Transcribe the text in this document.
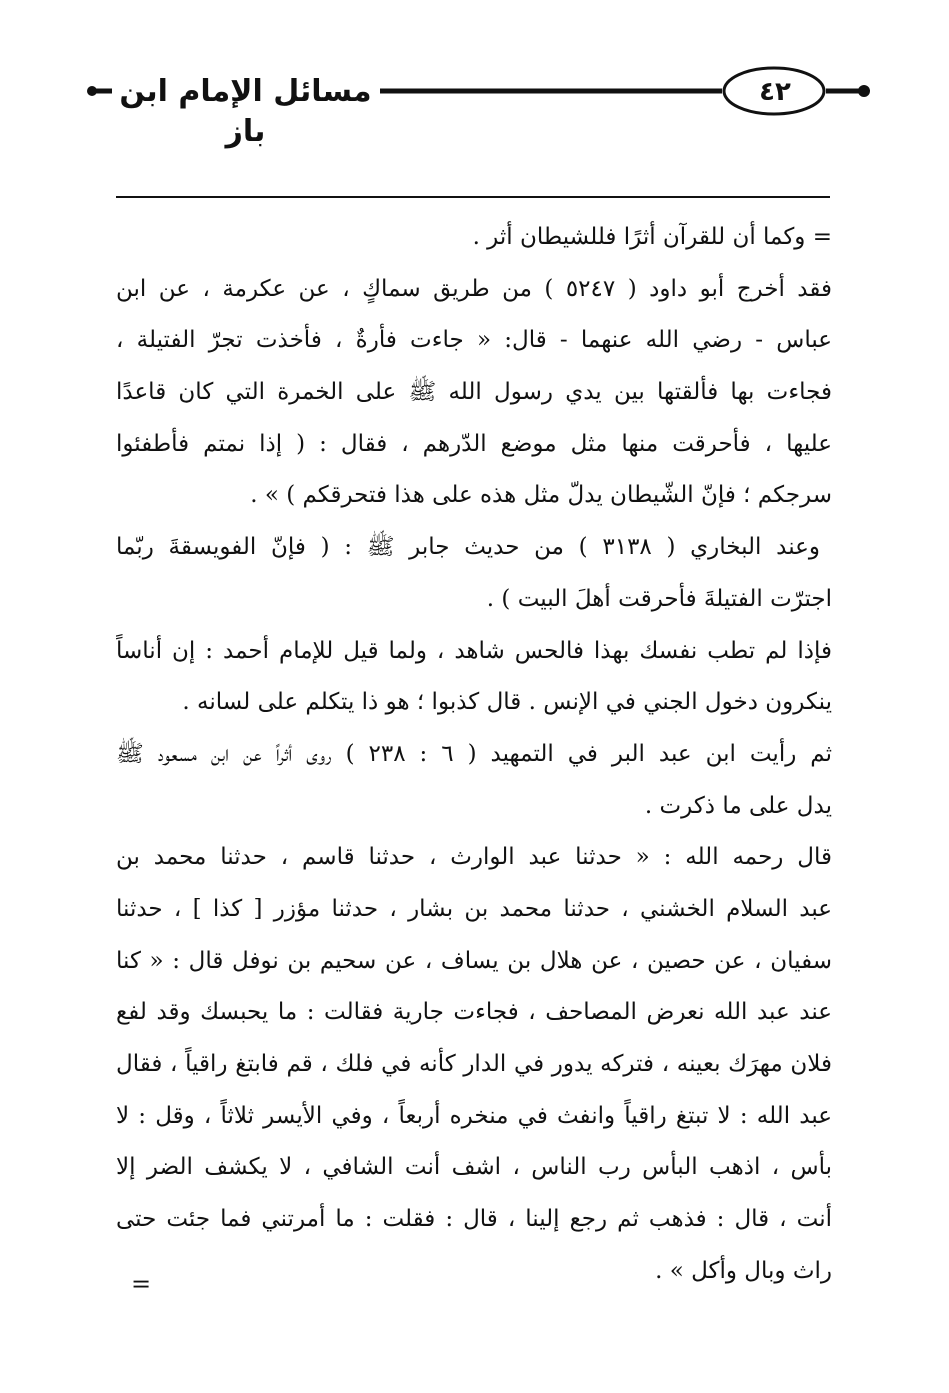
مسائل الإمام ابن باز
٤٢
= وكما أن للقرآن أثرًا فللشيطان أثر .
فقد أخرج أبو داود ( ٥٢٤٧ ) من طريق سماكٍ ، عن عكرمة ، عن ابن
عباس - رضي الله عنهما - قال: « جاءت فأرةٌ ، فأخذت تجرّ الفتيلة ،
فجاءت بها فألقتها بين يدي رسول الله ﷺ على الخمرة التي كان قاعدًا
عليها ، فأحرقت منها مثل موضع الدّرهم ، فقال : ( إذا نمتم فأطفئوا
سرجكم ؛ فإنّ الشّيطان يدلّ مثل هذه على هذا فتحرقكم ) » .
وعند البخاري ( ٣١٣٨ ) من حديث جابر ﷺ : ( فإنّ الفويسقةَ ربّما
اجترّت الفتيلةَ فأحرقت أهلَ البيت ) .
فإذا لم تطب نفسك بهذا فالحس شاهد ، ولما قيل للإمام أحمد : إن أناساً
ينكرون دخول الجني في الإنس . قال كذبوا ؛ هو ذا يتكلم على لسانه .
ثم رأيت ابن عبد البر في التمهيد ( ٦ : ٢٣٨ ) روى أثراً عن ابن مسعود ﷺ
يدل على ما ذكرت .
قال رحمه الله : « حدثنا عبد الوارث ، حدثنا قاسم ، حدثنا محمد بن
عبد السلام الخشني ، حدثنا محمد بن بشار ، حدثنا مؤزر [ كذا ] ، حدثنا
سفيان ، عن حصين ، عن هلال بن يساف ، عن سحيم بن نوفل قال : « كنا
عند عبد الله نعرض المصاحف ، فجاءت جارية فقالت : ما يحبسك وقد لفع
فلان مهرَك بعينه ، فتركه يدور في الدار كأنه في فلك ، قم فابتغ راقياً ، فقال
عبد الله : لا تبتغ راقياً وانفث في منخره أربعاً ، وفي الأيسر ثلاثاً ، وقل : لا
بأس ، اذهب البأس رب الناس ، اشف أنت الشافي ، لا يكشف الضر إلا
أنت ، قال : فذهب ثم رجع إلينا ، قال : فقلت : ما أمرتني فما جئت حتى
راث وبال وأكل » .
=
